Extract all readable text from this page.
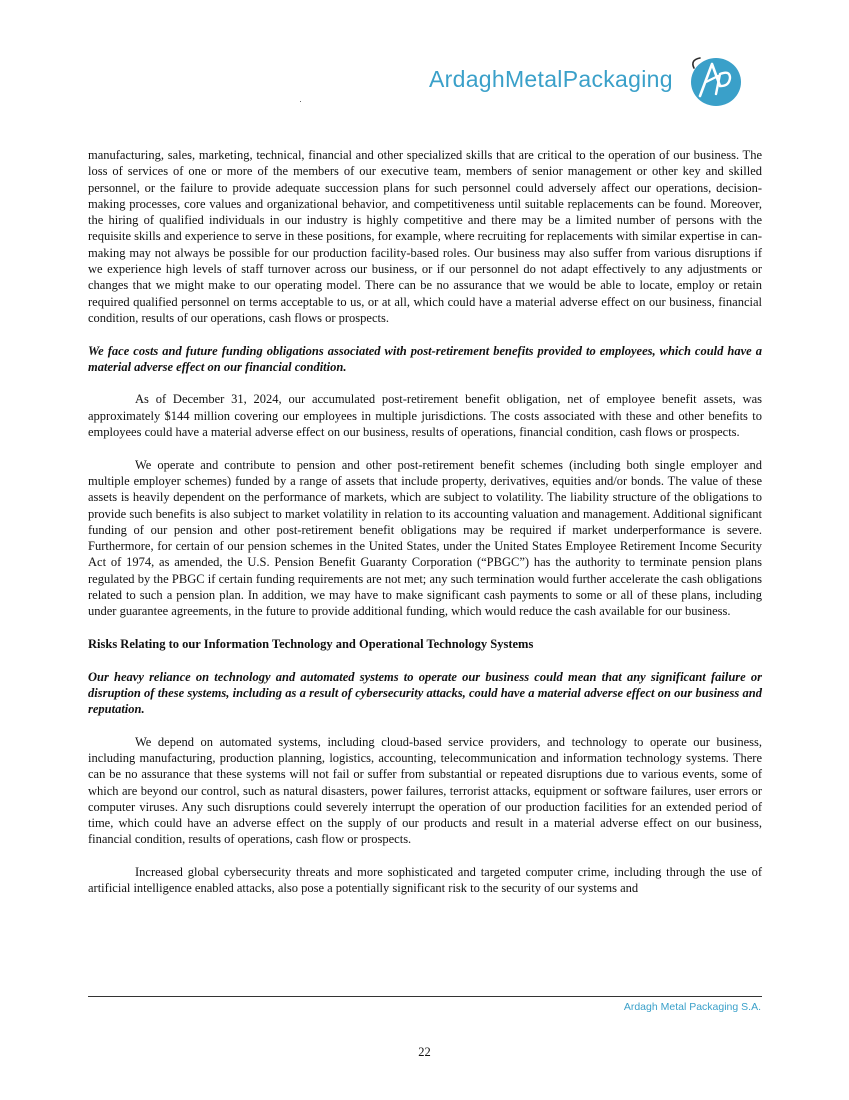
ArdaghMetalPackaging

manufacturing, sales, marketing, technical, financial and other specialized skills that are critical to the operation of our business. The loss of services of one or more of the members of our executive team, members of senior management or other key and skilled personnel, or the failure to provide adequate succession plans for such personnel could adversely affect our operations, decision-making processes, core values and organizational behavior, and competitiveness until suitable replacements can be found. Moreover, the hiring of qualified individuals in our industry is highly competitive and there may be a limited number of persons with the requisite skills and experience to serve in these positions, for example, where recruiting for replacements with similar expertise in can-making may not always be possible for our production facility-based roles. Our business may also suffer from various disruptions if we experience high levels of staff turnover across our business, or if our personnel do not adapt effectively to any adjustments or changes that we might make to our operating model. There can be no assurance that we would be able to locate, employ or retain required qualified personnel on terms acceptable to us, or at all, which could have a material adverse effect on our business, financial condition, results of our operations, cash flows or prospects.

We face costs and future funding obligations associated with post-retirement benefits provided to employees, which could have a material adverse effect on our financial condition.

As of December 31, 2024, our accumulated post-retirement benefit obligation, net of employee benefit assets, was approximately $144 million covering our employees in multiple jurisdictions. The costs associated with these and other benefits to employees could have a material adverse effect on our business, results of operations, financial condition, cash flows or prospects.

We operate and contribute to pension and other post-retirement benefit schemes (including both single employer and multiple employer schemes) funded by a range of assets that include property, derivatives, equities and/or bonds. The value of these assets is heavily dependent on the performance of markets, which are subject to volatility. The liability structure of the obligations to provide such benefits is also subject to market volatility in relation to its accounting valuation and management. Additional significant funding of our pension and other post-retirement benefit obligations may be required if market underperformance is severe. Furthermore, for certain of our pension schemes in the United States, under the United States Employee Retirement Income Security Act of 1974, as amended, the U.S. Pension Benefit Guaranty Corporation (“PBGC”) has the authority to terminate pension plans regulated by the PBGC if certain funding requirements are not met; any such termination would further accelerate the cash obligations related to such a pension plan. In addition, we may have to make significant cash payments to some or all of these plans, including under guarantee agreements, in the future to provide additional funding, which would reduce the cash available for our business.

Risks Relating to our Information Technology and Operational Technology Systems

Our heavy reliance on technology and automated systems to operate our business could mean that any significant failure or disruption of these systems, including as a result of cybersecurity attacks, could have a material adverse effect on our business and reputation.

We depend on automated systems, including cloud-based service providers, and technology to operate our business, including manufacturing, production planning, logistics, accounting, telecommunication and information technology systems. There can be no assurance that these systems will not fail or suffer from substantial or repeated disruptions due to various events, some of which are beyond our control, such as natural disasters, power failures, terrorist attacks, equipment or software failures, user errors or computer viruses. Any such disruptions could severely interrupt the operation of our production facilities for an extended period of time, which could have an adverse effect on the supply of our products and result in a material adverse effect on our business, financial condition, results of operations, cash flow or prospects.

Increased global cybersecurity threats and more sophisticated and targeted computer crime, including through the use of artificial intelligence enabled attacks, also pose a potentially significant risk to the security of our systems and

Ardagh Metal Packaging S.A.
22
